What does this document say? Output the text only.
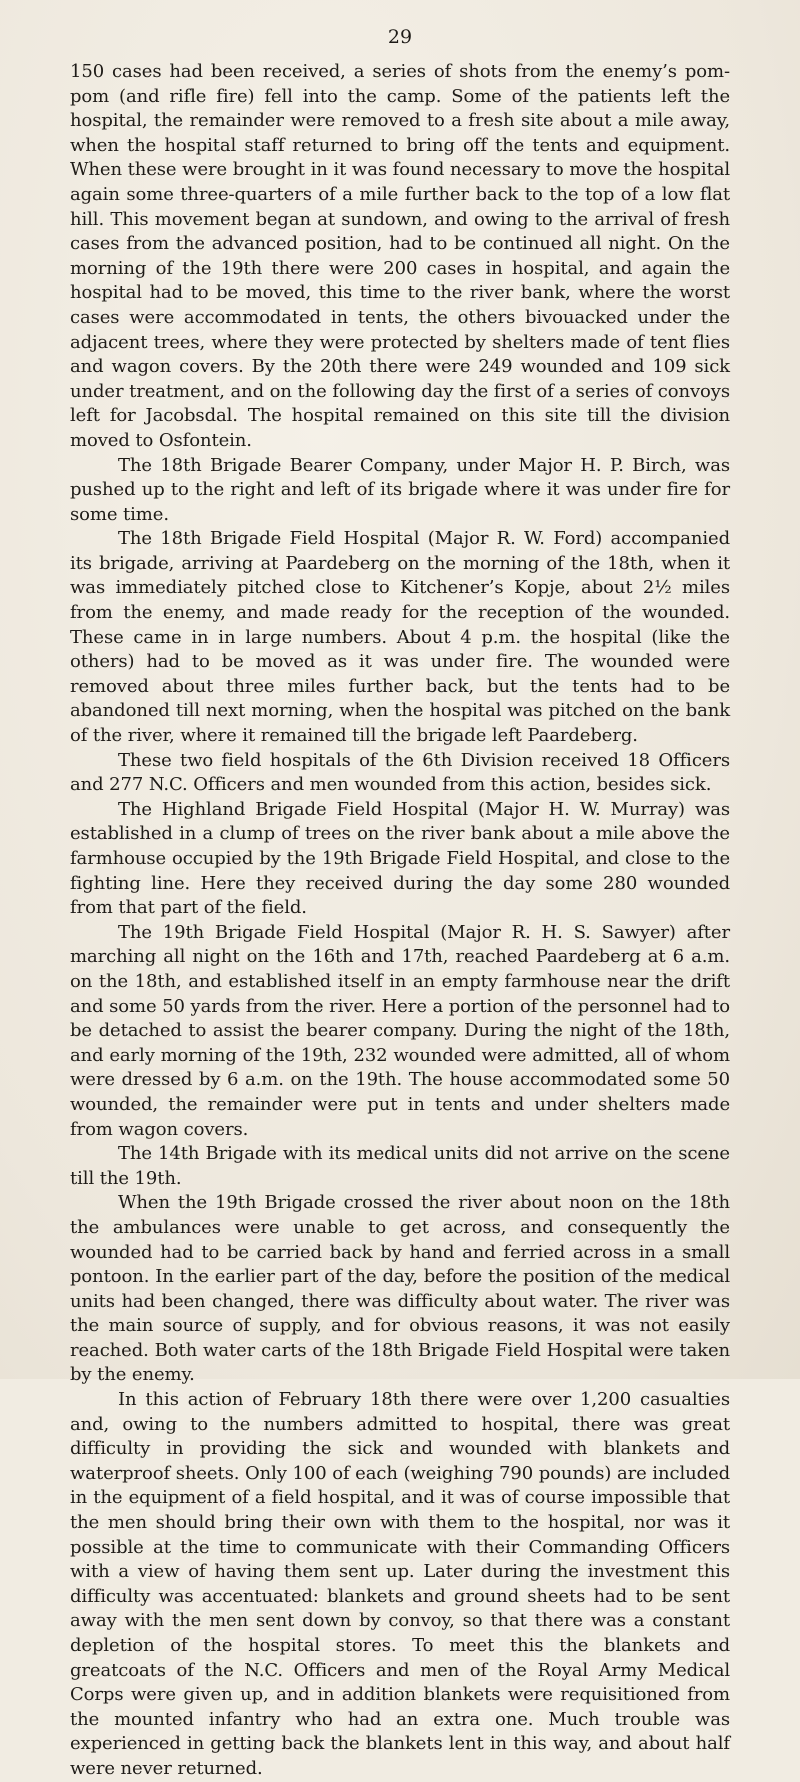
29

150 cases had been received, a series of shots from the enemy’s pom-pom (and rifle fire) fell into the camp. Some of the patients left the hospital, the remainder were removed to a fresh site about a mile away, when the hospital staff returned to bring off the tents and equipment. When these were brought in it was found necessary to move the hospital again some three-quarters of a mile further back to the top of a low flat hill. This movement began at sundown, and owing to the arrival of fresh cases from the advanced position, had to be continued all night. On the morning of the 19th there were 200 cases in hospital, and again the hospital had to be moved, this time to the river bank, where the worst cases were accommodated in tents, the others bivouacked under the adjacent trees, where they were protected by shelters made of tent flies and wagon covers. By the 20th there were 249 wounded and 109 sick under treatment, and on the following day the first of a series of convoys left for Jacobsdal. The hospital remained on this site till the division moved to Osfontein.

The 18th Brigade Bearer Company, under Major H. P. Birch, was pushed up to the right and left of its brigade where it was under fire for some time.

The 18th Brigade Field Hospital (Major R. W. Ford) accompanied its brigade, arriving at Paardeberg on the morning of the 18th, when it was immediately pitched close to Kitchener’s Kopje, about 2½ miles from the enemy, and made ready for the reception of the wounded. These came in in large numbers. About 4 p.m. the hospital (like the others) had to be moved as it was under fire. The wounded were removed about three miles further back, but the tents had to be abandoned till next morning, when the hospital was pitched on the bank of the river, where it remained till the brigade left Paardeberg.

These two field hospitals of the 6th Division received 18 Officers and 277 N.C. Officers and men wounded from this action, besides sick.

The Highland Brigade Field Hospital (Major H. W. Murray) was established in a clump of trees on the river bank about a mile above the farmhouse occupied by the 19th Brigade Field Hospital, and close to the fighting line. Here they received during the day some 280 wounded from that part of the field.

The 19th Brigade Field Hospital (Major R. H. S. Sawyer) after marching all night on the 16th and 17th, reached Paardeberg at 6 a.m. on the 18th, and established itself in an empty farmhouse near the drift and some 50 yards from the river. Here a portion of the personnel had to be detached to assist the bearer company. During the night of the 18th, and early morning of the 19th, 232 wounded were admitted, all of whom were dressed by 6 a.m. on the 19th. The house accommodated some 50 wounded, the remainder were put in tents and under shelters made from wagon covers.

The 14th Brigade with its medical units did not arrive on the scene till the 19th.

When the 19th Brigade crossed the river about noon on the 18th the ambulances were unable to get across, and consequently the wounded had to be carried back by hand and ferried across in a small pontoon. In the earlier part of the day, before the position of the medical units had been changed, there was difficulty about water. The river was the main source of supply, and for obvious reasons, it was not easily reached. Both water carts of the 18th Brigade Field Hospital were taken by the enemy.

In this action of February 18th there were over 1,200 casualties and, owing to the numbers admitted to hospital, there was great difficulty in providing the sick and wounded with blankets and waterproof sheets. Only 100 of each (weighing 790 pounds) are included in the equipment of a field hospital, and it was of course impossible that the men should bring their own with them to the hospital, nor was it possible at the time to communicate with their Commanding Officers with a view of having them sent up. Later during the investment this difficulty was accentuated: blankets and ground sheets had to be sent away with the men sent down by convoy, so that there was a constant depletion of the hospital stores. To meet this the blankets and greatcoats of the N.C. Officers and men of the Royal Army Medical Corps were given up, and in addition blankets were requisitioned from the mounted infantry who had an extra one. Much trouble was experienced in getting back the blankets lent in this way, and about half were never returned.
